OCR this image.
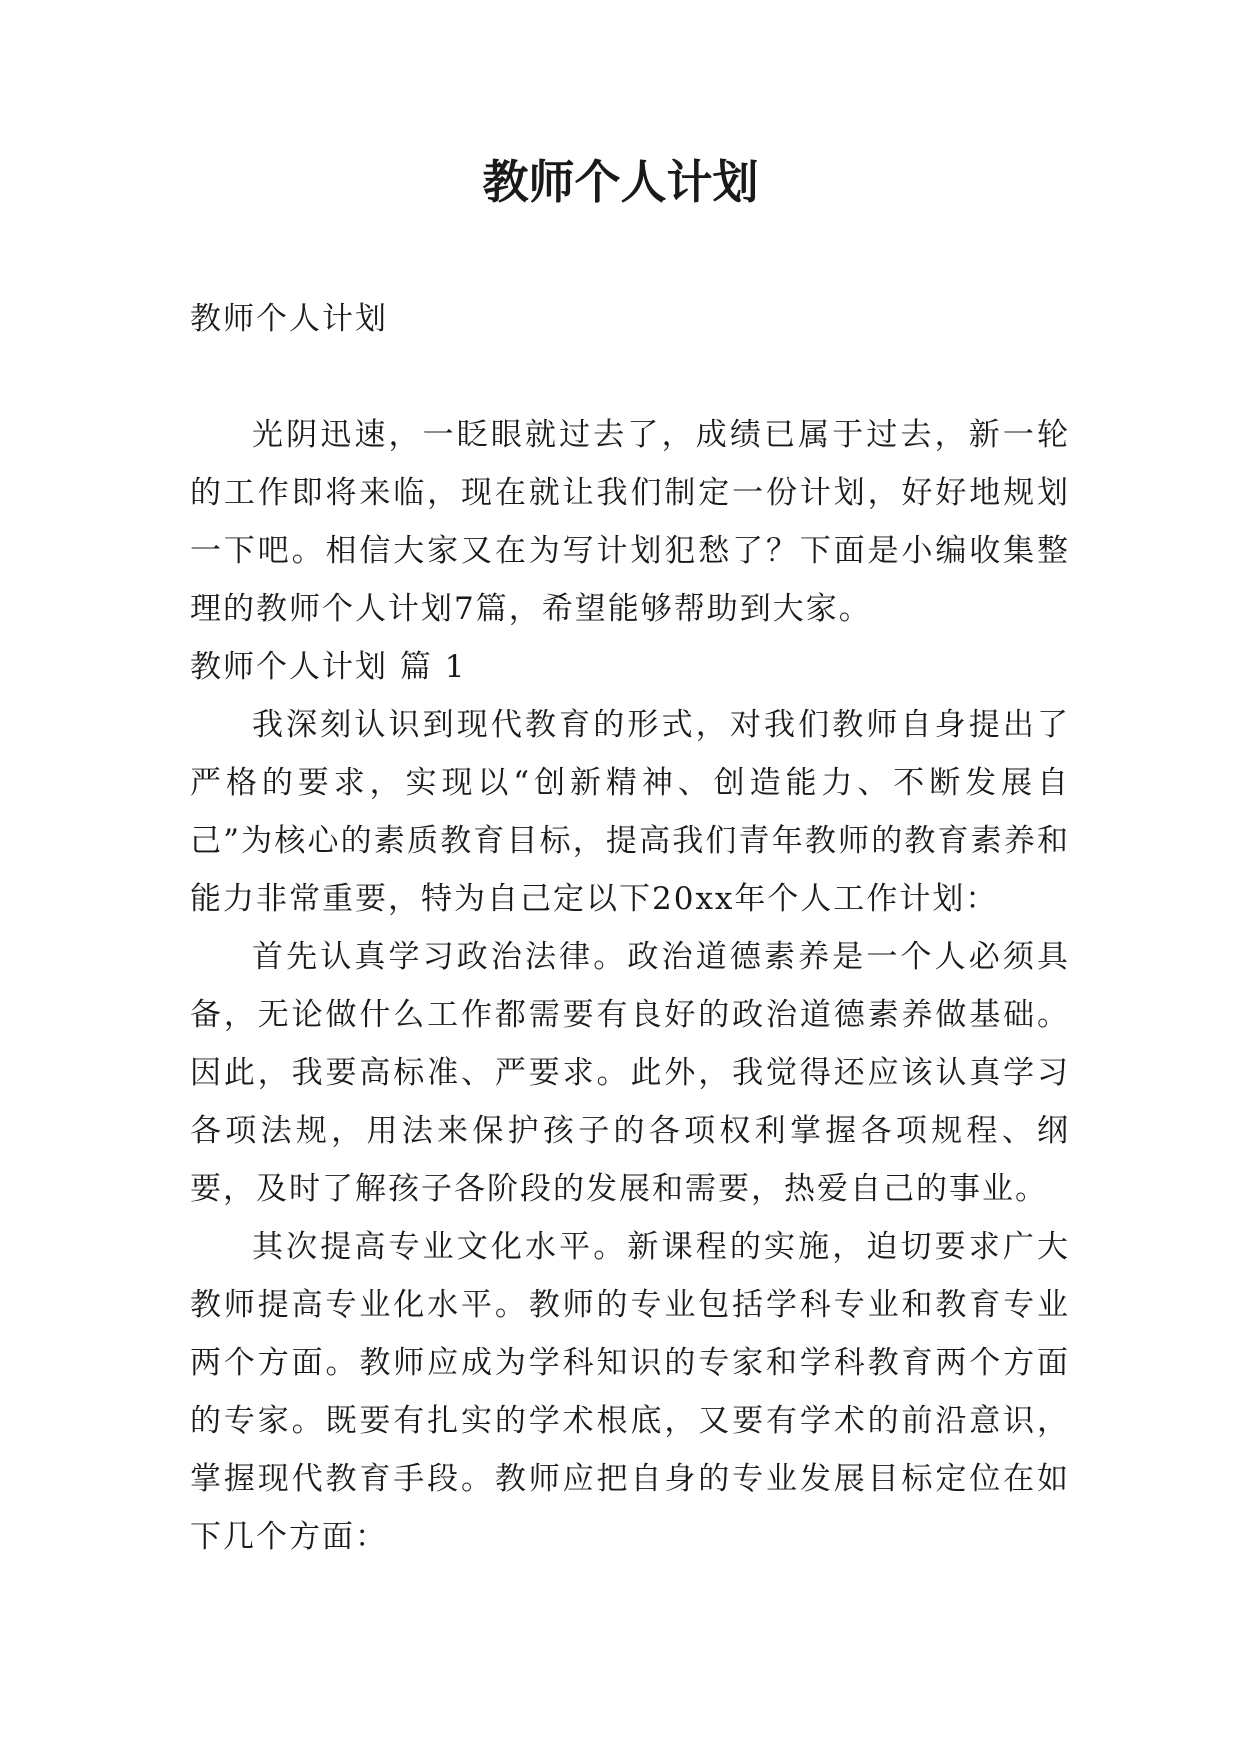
教师个人计划

教师个人计划

光阴迅速，一眨眼就过去了，成绩已属于过去，新一轮的工作即将来临，现在就让我们制定一份计划，好好地规划一下吧。相信大家又在为写计划犯愁了？下面是小编收集整理的教师个人计划7篇，希望能够帮助到大家。

教师个人计划 篇 1

我深刻认识到现代教育的形式，对我们教师自身提出了严格的要求，实现以“创新精神、创造能力、不断发展自己”为核心的素质教育目标，提高我们青年教师的教育素养和能力非常重要，特为自己定以下20xx年个人工作计划：

首先认真学习政治法律。政治道德素养是一个人必须具备，无论做什么工作都需要有良好的政治道德素养做基础。因此，我要高标准、严要求。此外，我觉得还应该认真学习各项法规，用法来保护孩子的各项权利掌握各项规程、纲要，及时了解孩子各阶段的发展和需要，热爱自己的事业。

其次提高专业文化水平。新课程的实施，迫切要求广大教师提高专业化水平。教师的专业包括学科专业和教育专业两个方面。教师应成为学科知识的专家和学科教育两个方面的专家。既要有扎实的学术根底，又要有学术的前沿意识，掌握现代教育手段。教师应把自身的专业发展目标定位在如下几个方面：
